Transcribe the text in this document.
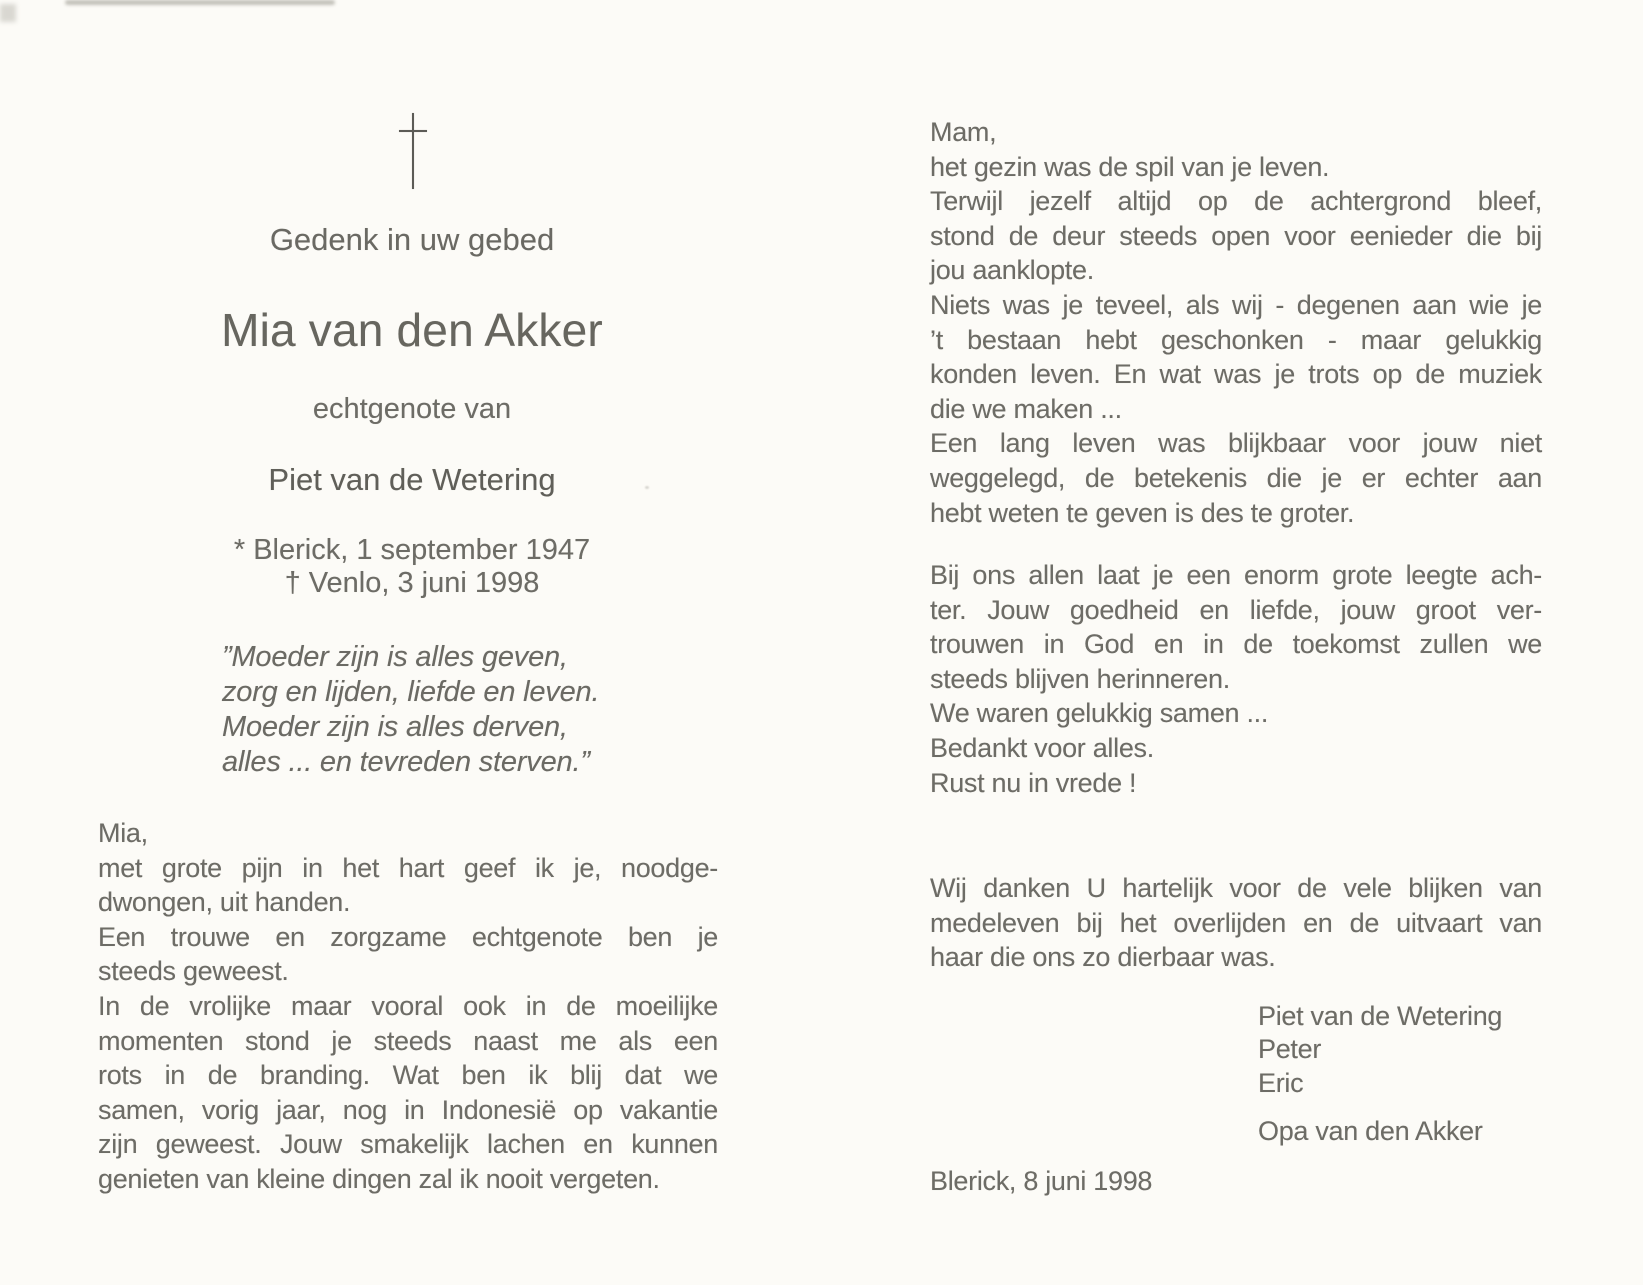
Gedenk in uw gebed
Mia van den Akker
echtgenote van
Piet van de Wetering
* Blerick, 1 september 1947
† Venlo, 3 juni 1998
”Moeder zijn is alles geven,
zorg en lijden, liefde en leven.
Moeder zijn is alles derven,
alles ... en tevreden sterven.”
Mia,
met grote pijn in het hart geef ik je, noodge-
dwongen, uit handen.
Een trouwe en zorgzame echtgenote ben je
steeds geweest.
In de vrolijke maar vooral ook in de moeilijke
momenten stond je steeds naast me als een
rots in de branding. Wat ben ik blij dat we
samen, vorig jaar, nog in Indonesië op vakantie
zijn geweest. Jouw smakelijk lachen en kunnen
genieten van kleine dingen zal ik nooit vergeten.
Mam,
het gezin was de spil van je leven.
Terwijl jezelf altijd op de achtergrond bleef,
stond de deur steeds open voor eenieder die bij
jou aanklopte.
Niets was je teveel, als wij - degenen aan wie je
’t bestaan hebt geschonken - maar gelukkig
konden leven. En wat was je trots op de muziek
die we maken ...
Een lang leven was blijkbaar voor jouw niet
weggelegd, de betekenis die je er echter aan
hebt weten te geven is des te groter.
Bij ons allen laat je een enorm grote leegte ach-
ter. Jouw goedheid en liefde, jouw groot ver-
trouwen in God en in de toekomst zullen we
steeds blijven herinneren.
We waren gelukkig samen ...
Bedankt voor alles.
Rust nu in vrede !
Wij danken U hartelijk voor de vele blijken van
medeleven bij het overlijden en de uitvaart van
haar die ons zo dierbaar was.
Piet van de Wetering
Peter
Eric
Opa van den Akker
Blerick, 8 juni 1998
